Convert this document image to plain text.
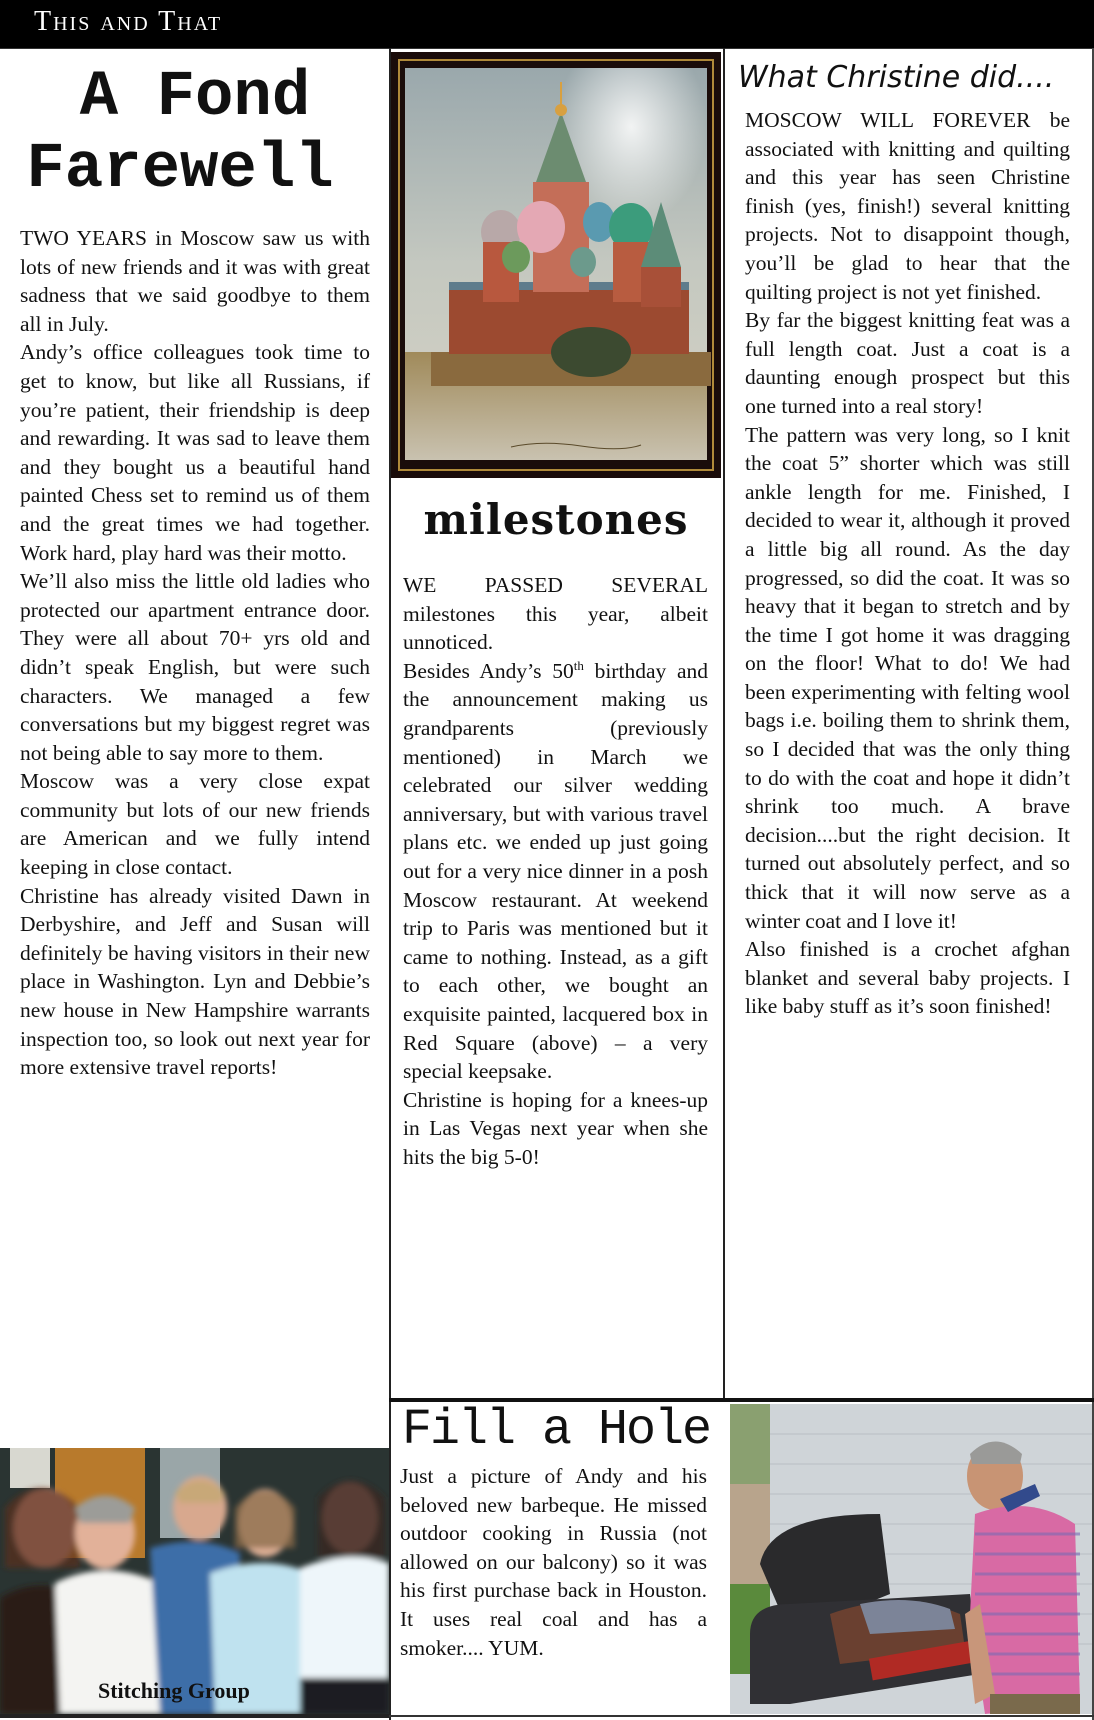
This and That
A Fond
Farewell

TWO YEARS in Moscow saw us with lots of new friends and it was with great sadness that we said goodbye to them all in July.

Andy’s office colleagues took time to get to know, but like all Russians, if you’re patient, their friendship is deep and rewarding. It was sad to leave them and they bought us a beautiful hand painted Chess set to remind us of them and the great times we had together. Work hard, play hard was their motto.

We’ll also miss the little old ladies who protected our apartment entrance door. They were all about 70+ yrs old and didn’t speak English, but were such characters. We managed a few conversations but my biggest regret was not being able to say more to them.

Moscow was a very close expat community but lots of our new friends are American and we fully intend keeping in close contact.

Christine has already visited Dawn in Derbyshire, and Jeff and Susan will definitely be having visitors in their new place in Washington. Lyn and Debbie’s new house in New Hampshire warrants inspection too, so look out next year for more extensive travel reports!

Stitching Group
milestones

WE PASSED SEVERAL milestones this year, albeit unnoticed.

Besides Andy’s 50th birthday and the announcement making us grandparents (previously mentioned) in March we celebrated our silver wedding anniversary, but with various travel plans etc. we ended up just going out for a very nice dinner in a posh Moscow restaurant. At weekend trip to Paris was mentioned but it came to nothing. Instead, as a gift to each other, we bought an exquisite painted, lacquered box in Red Square (above) – a very special keepsake.

Christine is hoping for a knees-up in Las Vegas next year when she hits the big 5-0!

What Christine did....

MOSCOW WILL FOREVER be associated with knitting and quilting and this year has seen Christine finish (yes, finish!) several knitting projects. Not to disappoint though, you’ll be glad to hear that the quilting project is not yet finished.

By far the biggest knitting feat was a full length coat. Just a coat is a daunting enough prospect but this one turned into a real story!

The pattern was very long, so I knit the coat 5” shorter which was still ankle length for me. Finished, I decided to wear it, although it proved a little big all round. As the day progressed, so did the coat. It was so heavy that it began to stretch and by the time I got home it was dragging on the floor! What to do! We had been experimenting with felting wool bags i.e. boiling them to shrink them, so I decided that was the only thing to do with the coat and hope it didn’t shrink too much. A brave decision....but the right decision. It turned out absolutely perfect, and so thick that it will now serve as a winter coat and I love it!

Also finished is a crochet afghan blanket and several baby projects. I like baby stuff as it’s soon finished!

Fill a Hole

Just a picture of Andy and his beloved new barbeque. He missed outdoor cooking in Russia (not allowed on our balcony) so it was his first purchase back in Houston. It uses real coal and has a smoker.... YUM.
